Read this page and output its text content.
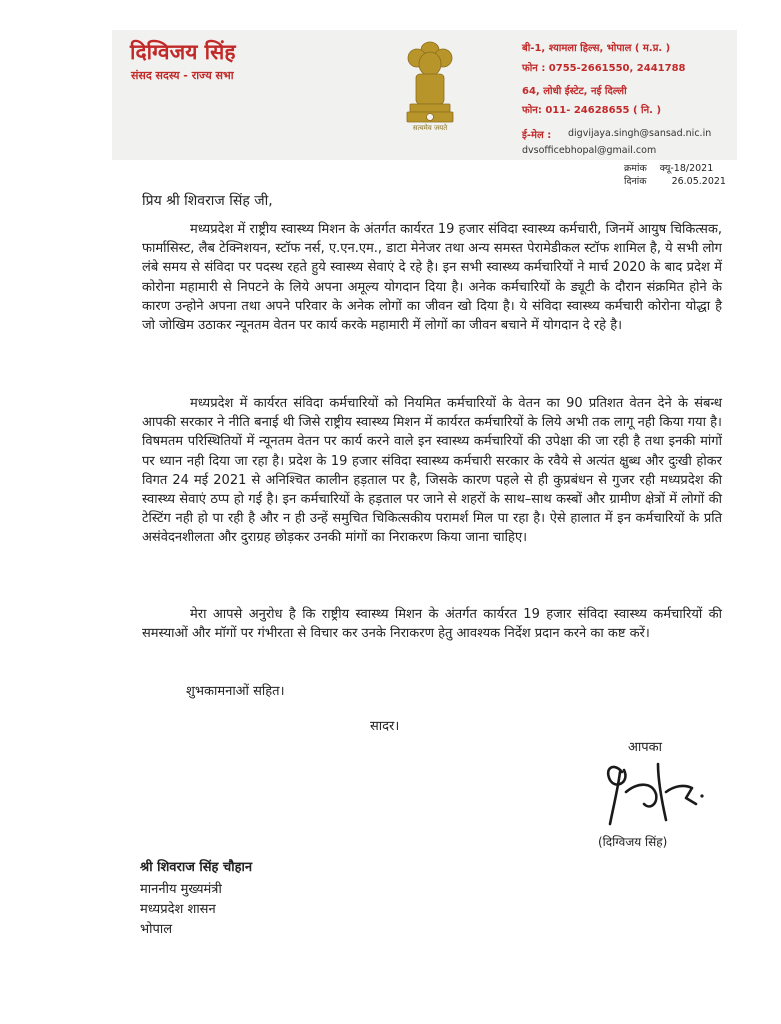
दिग्विजय सिंह
संसद सदस्य - राज्य सभा
सत्यमेव जयते
बी-1, श्यामला हिल्स, भोपाल ( म.प्र. )
फोन : 0755-2661550, 2441788
64, लोधी ईस्टेट, नई दिल्ली
फोन: 011- 24628655 ( नि. )
ई-मेल : digvijaya.singh@sansad.nic.in
dvsofficebhopal@gmail.com
क्रमांक क्यू-18/2021
दिनांक	26.05.2021
प्रिय श्री शिवराज सिंह जी,

मध्यप्रदेश में राष्ट्रीय स्वास्थ्य मिशन के अंतर्गत कार्यरत 19 हजार संविदा स्वास्थ्य कर्मचारी, जिनमें आयुष चिकित्सक, फार्मासिस्ट, लैब टेक्निशयन, स्टॉफ नर्स, ए.एन.एम., डाटा मेनेजर तथा अन्य समस्त पेरामेडीकल स्टॉफ शामिल है, ये सभी लोग लंबे समय से संविदा पर पदस्थ रहते हुये स्वास्थ्य सेवाएं दे रहे है। इन सभी स्वास्थ्य कर्मचारियों ने मार्च 2020 के बाद प्रदेश में कोरोना महामारी से निपटने के लिये अपना अमूल्य योगदान दिया है। अनेक कर्मचारियों के ड्यूटी के दौरान संक्रमित होने के कारण उन्होने अपना तथा अपने परिवार के अनेक लोगों का जीवन खो दिया है। ये संविदा स्वास्थ्य कर्मचारी कोरोना योद्धा है जो जोखिम उठाकर न्यूनतम वेतन पर कार्य करके महामारी में लोगों का जीवन बचाने में योगदान दे रहे है।

मध्यप्रदेश में कार्यरत संविदा कर्मचारियों को नियमित कर्मचारियों के वेतन का 90 प्रतिशत वेतन देने के संबन्ध आपकी सरकार ने नीति बनाई थी जिसे राष्ट्रीय स्वास्थ्य मिशन में कार्यरत कर्मचारियों के लिये अभी तक लागू नही किया गया है। विषमतम परिस्थितियों में न्यूनतम वेतन पर कार्य करने वाले इन स्वास्थ्य कर्मचारियों की उपेक्षा की जा रही है तथा इनकी मांगों पर ध्यान नही दिया जा रहा है। प्रदेश के 19 हजार संविदा स्वास्थ्य कर्मचारी सरकार के रवैये से अत्यंत क्षुब्ध और दुःखी होकर विगत 24 मई 2021 से अनिश्चित कालीन हड़ताल पर है, जिसके कारण पहले से ही कुप्रबंधन से गुजर रही मध्यप्रदेश की स्वास्थ्य सेवाएं ठप्प हो गई है। इन कर्मचारियों के हड़ताल पर जाने से शहरों के साथ–साथ कस्बों और ग्रामीण क्षेत्रों में लोगों की टेस्टिंग नही हो पा रही है और न ही उन्हें समुचित चिकित्सकीय परामर्श मिल पा रहा है। ऐसे हालात में इन कर्मचारियों के प्रति असंवेदनशीलता और दुराग्रह छोड़कर उनकी मांगों का निराकरण किया जाना चाहिए।

मेरा आपसे अनुरोध है कि राष्ट्रीय स्वास्थ्य मिशन के अंतर्गत कार्यरत 19 हजार संविदा स्वास्थ्य कर्मचारियों की समस्याओं और मॉगों पर गंभीरता से विचार कर उनके निराकरण हेतु आवश्यक निर्देश प्रदान करने का कष्ट करें।

शुभकामनाओं सहित।
सादर।
आपका
(दिग्विजय सिंह)
श्री शिवराज सिंह चौहान
माननीय मुख्यमंत्री
मध्यप्रदेश शासन
भोपाल
